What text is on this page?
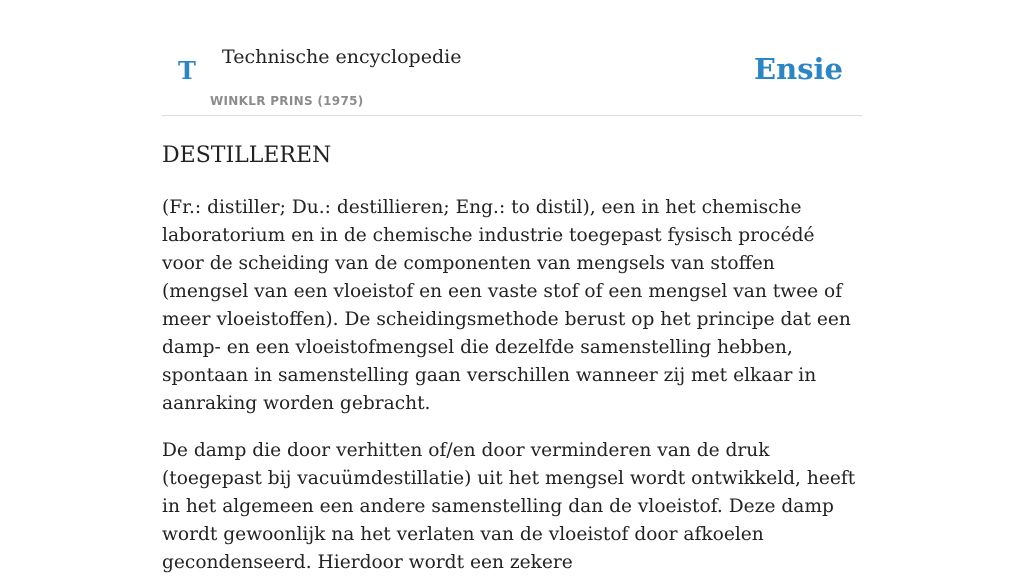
T Technische encyclopedie
WINKLR PRINS (1975)
Ensie
DESTILLEREN

(Fr.: distiller; Du.: destillieren; Eng.: to distil), een in het chemische laboratorium en in de chemische industrie toegepast fysisch procédé voor de scheiding van de componenten van mengsels van stoffen (mengsel van een vloeistof en een vaste stof of een mengsel van twee of meer vloeistoffen). De scheidingsmethode berust op het principe dat een damp- en een vloeistofmengsel die dezelfde samenstelling hebben, spontaan in samenstelling gaan verschillen wanneer zij met elkaar in aanraking worden gebracht.

De damp die door verhitten of/en door verminderen van de druk (toegepast bij vacuümdestillatie) uit het mengsel wordt ontwikkeld, heeft in het algemeen een andere samenstelling dan de vloeistof. Deze damp wordt gewoonlijk na het verlaten van de vloeistof door afkoelen gecondenseerd. Hierdoor wordt een zekere
